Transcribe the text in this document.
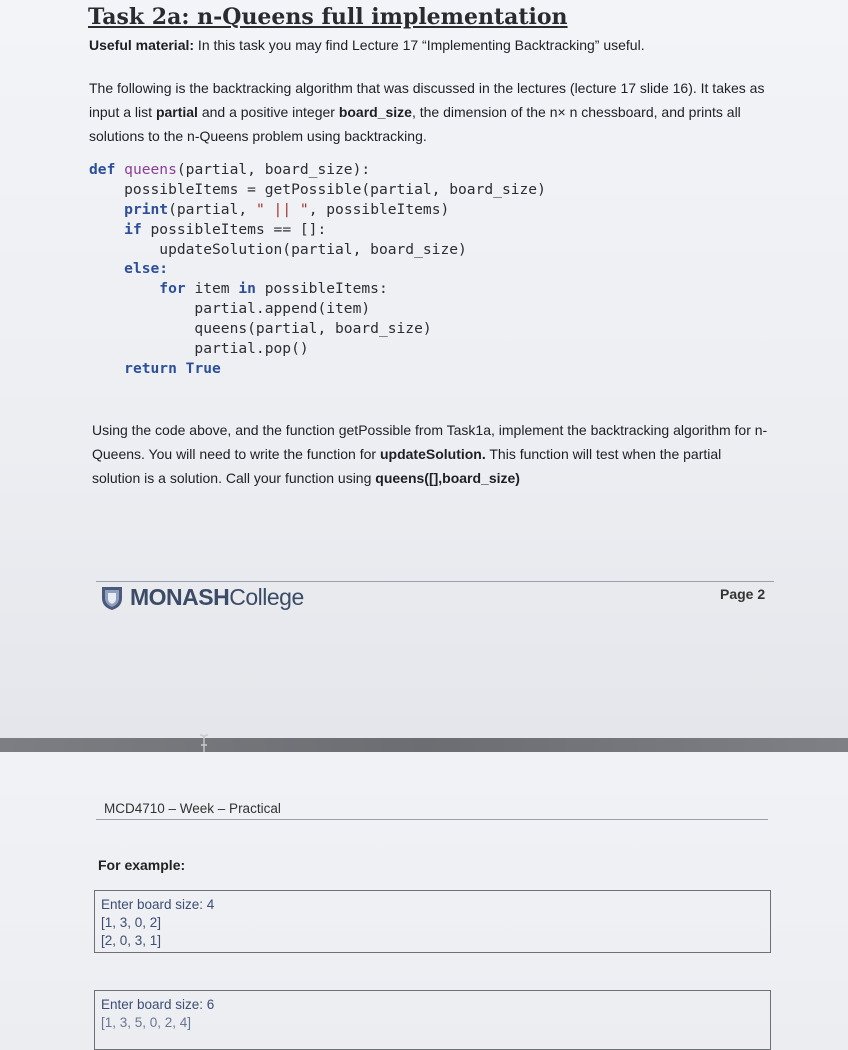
Task 2a: n-Queens full implementation
Useful material: In this task you may find Lecture 17 “Implementing Backtracking” useful.
The following is the backtracking algorithm that was discussed in the lectures (lecture 17 slide 16). It takes as input a list partial and a positive integer board_size, the dimension of the n× n chessboard, and prints all solutions to the n-Queens problem using backtracking.
def queens(partial, board_size):
possibleItems = getPossible(partial, board_size)
print(partial, " || ", possibleItems)
if possibleItems == []:
updateSolution(partial, board_size)
else:
for item in possibleItems:
partial.append(item)
queens(partial, board_size)
partial.pop()
return True
Using the code above, and the function getPossible from Task1a, implement the backtracking algorithm for n-Queens. You will need to write the function for updateSolution. This function will test when the partial solution is a solution. Call your function using queens([],board_size)
MONASH College	Page 2
MCD4710 – Week – Practical
For example:
Enter board size: 4
[1, 3, 0, 2]
[2, 0, 3, 1]
Enter board size: 6
[1, 3, 5, 0, 2, 4]
